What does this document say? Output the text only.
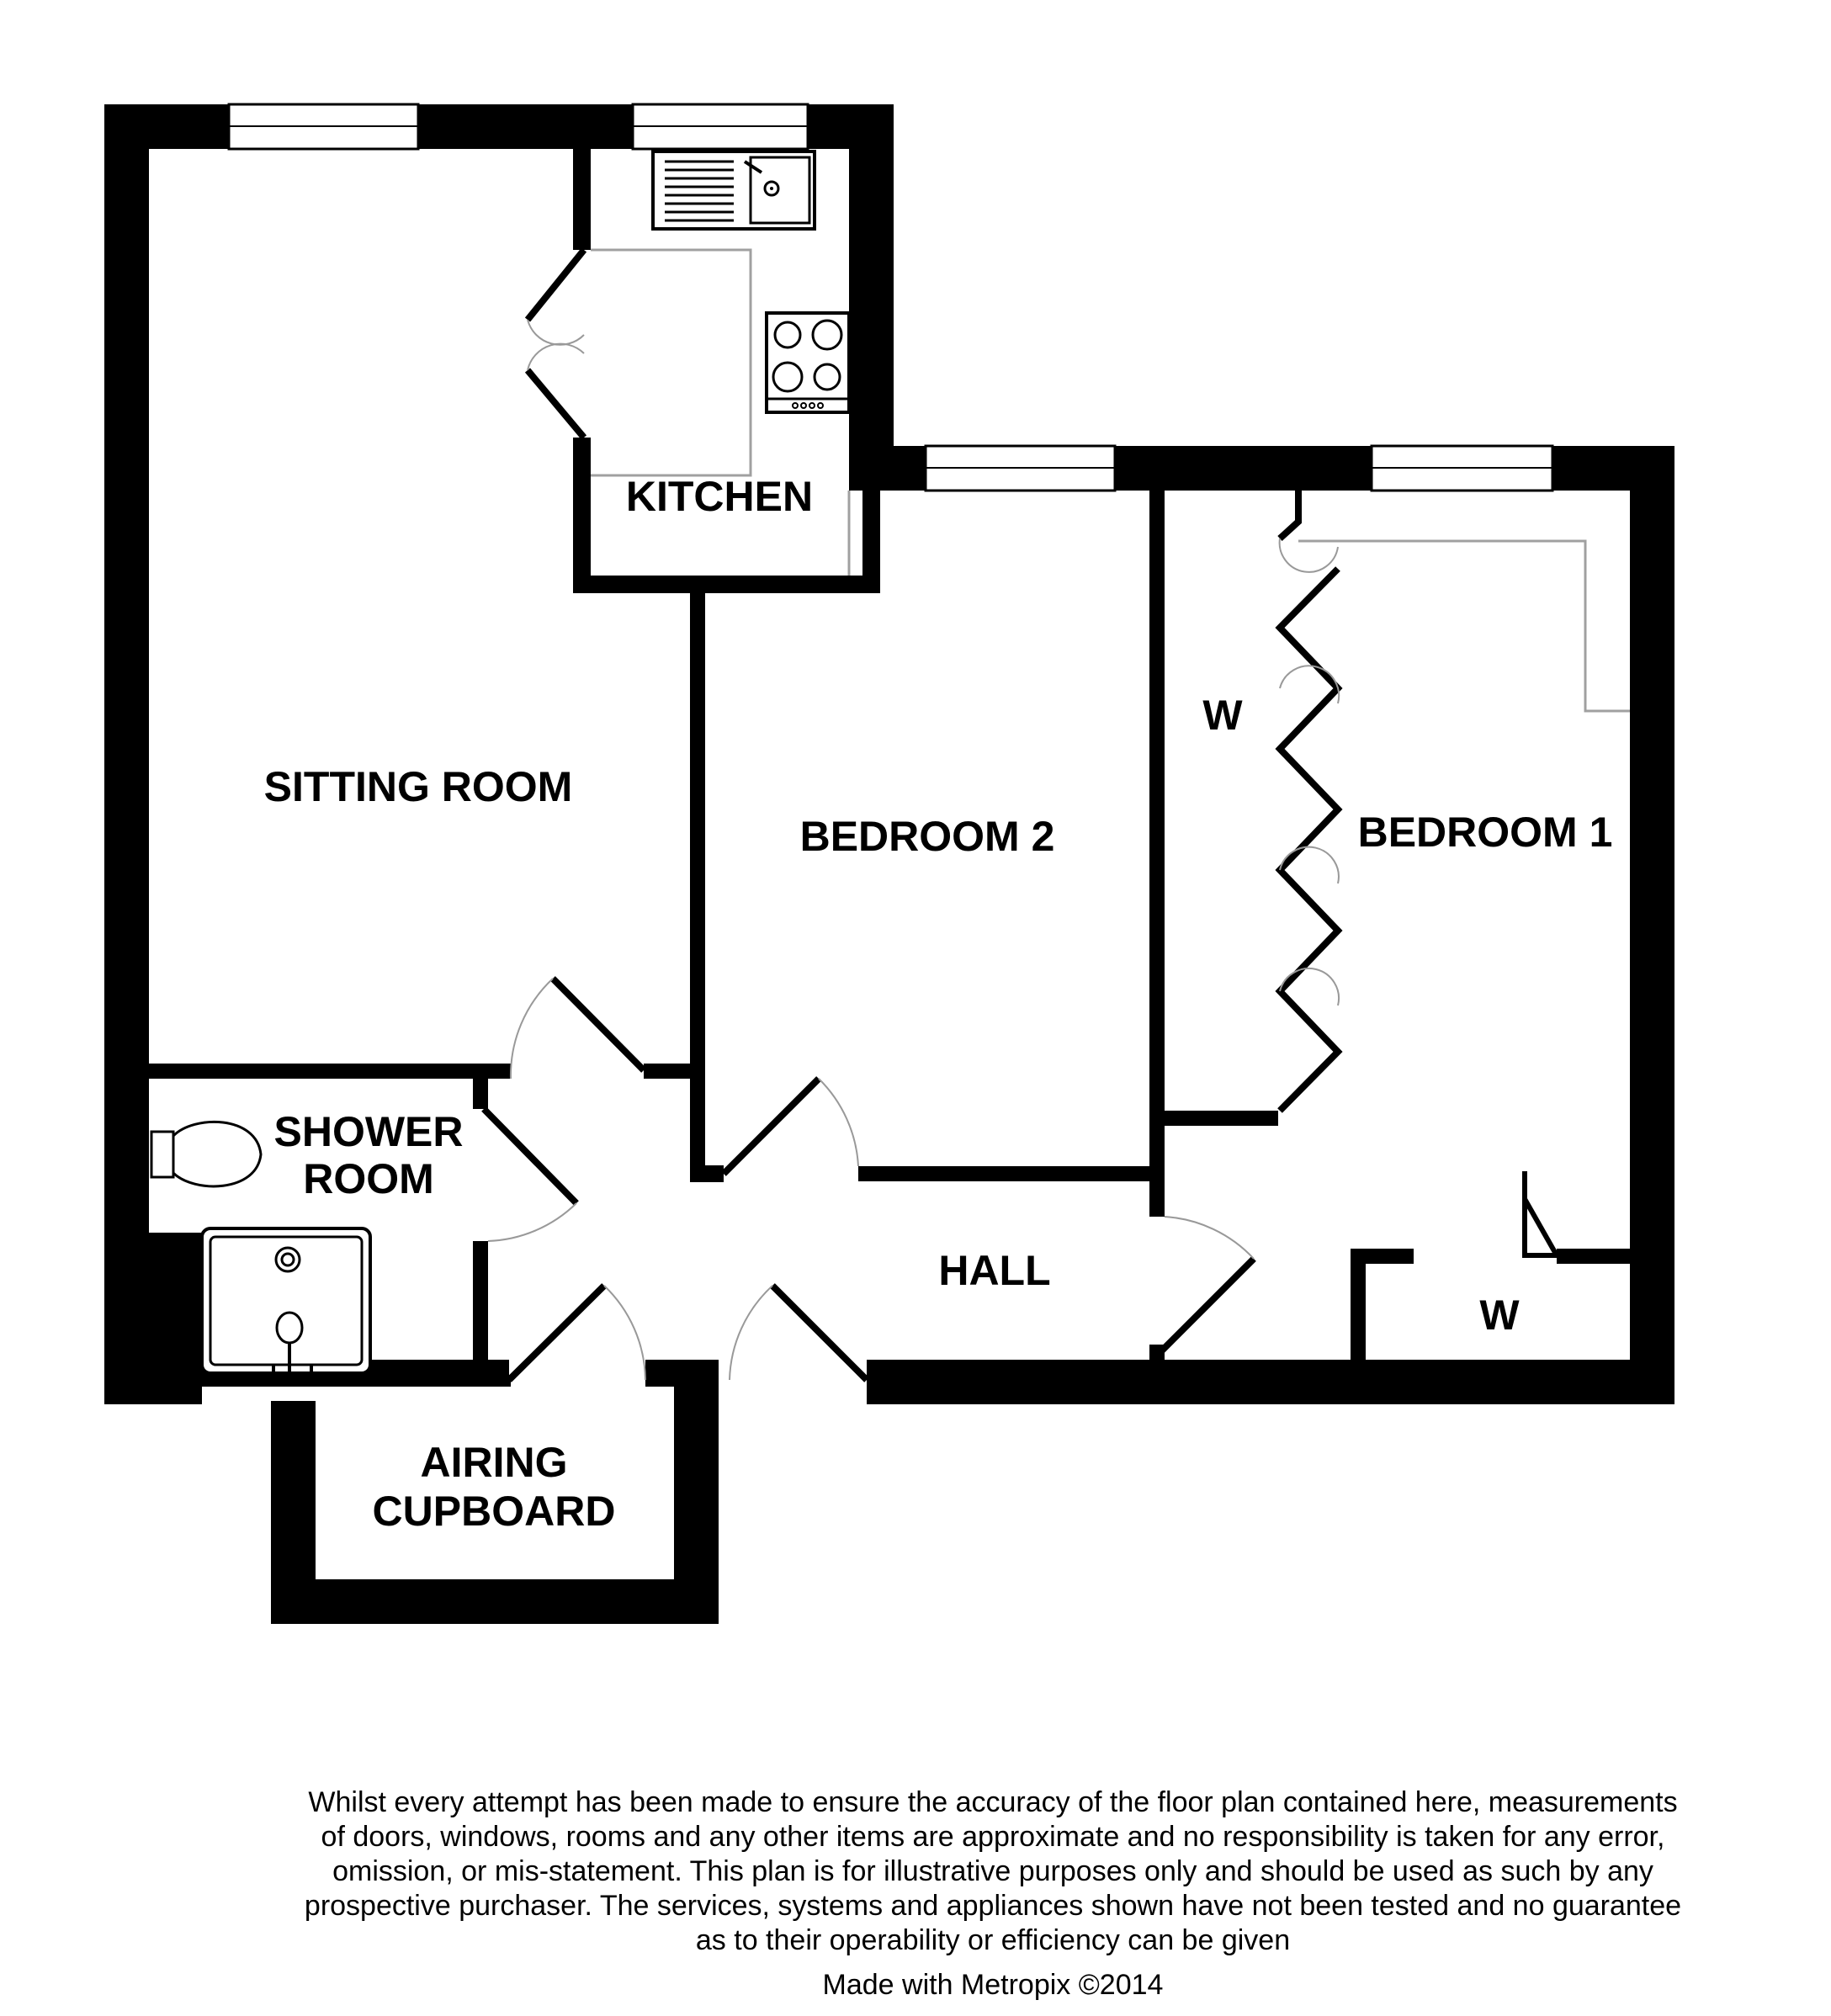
SITTING ROOM
KITCHEN
BEDROOM 2	BEDROOM 1
SHOWER
ROOM
HALL
AIRING
CUPBOARD
W
W
Whilst every attempt has been made to ensure the accuracy of the floor plan contained here, measurements
of doors, windows, rooms and any other items are approximate and no responsibility is taken for any error,
omission, or mis-statement. This plan is for illustrative purposes only and should be used as such by any
prospective purchaser. The services, systems and appliances shown have not been tested and no guarantee
as to their operability or efficiency can be given
Made with Metropix ©2014
